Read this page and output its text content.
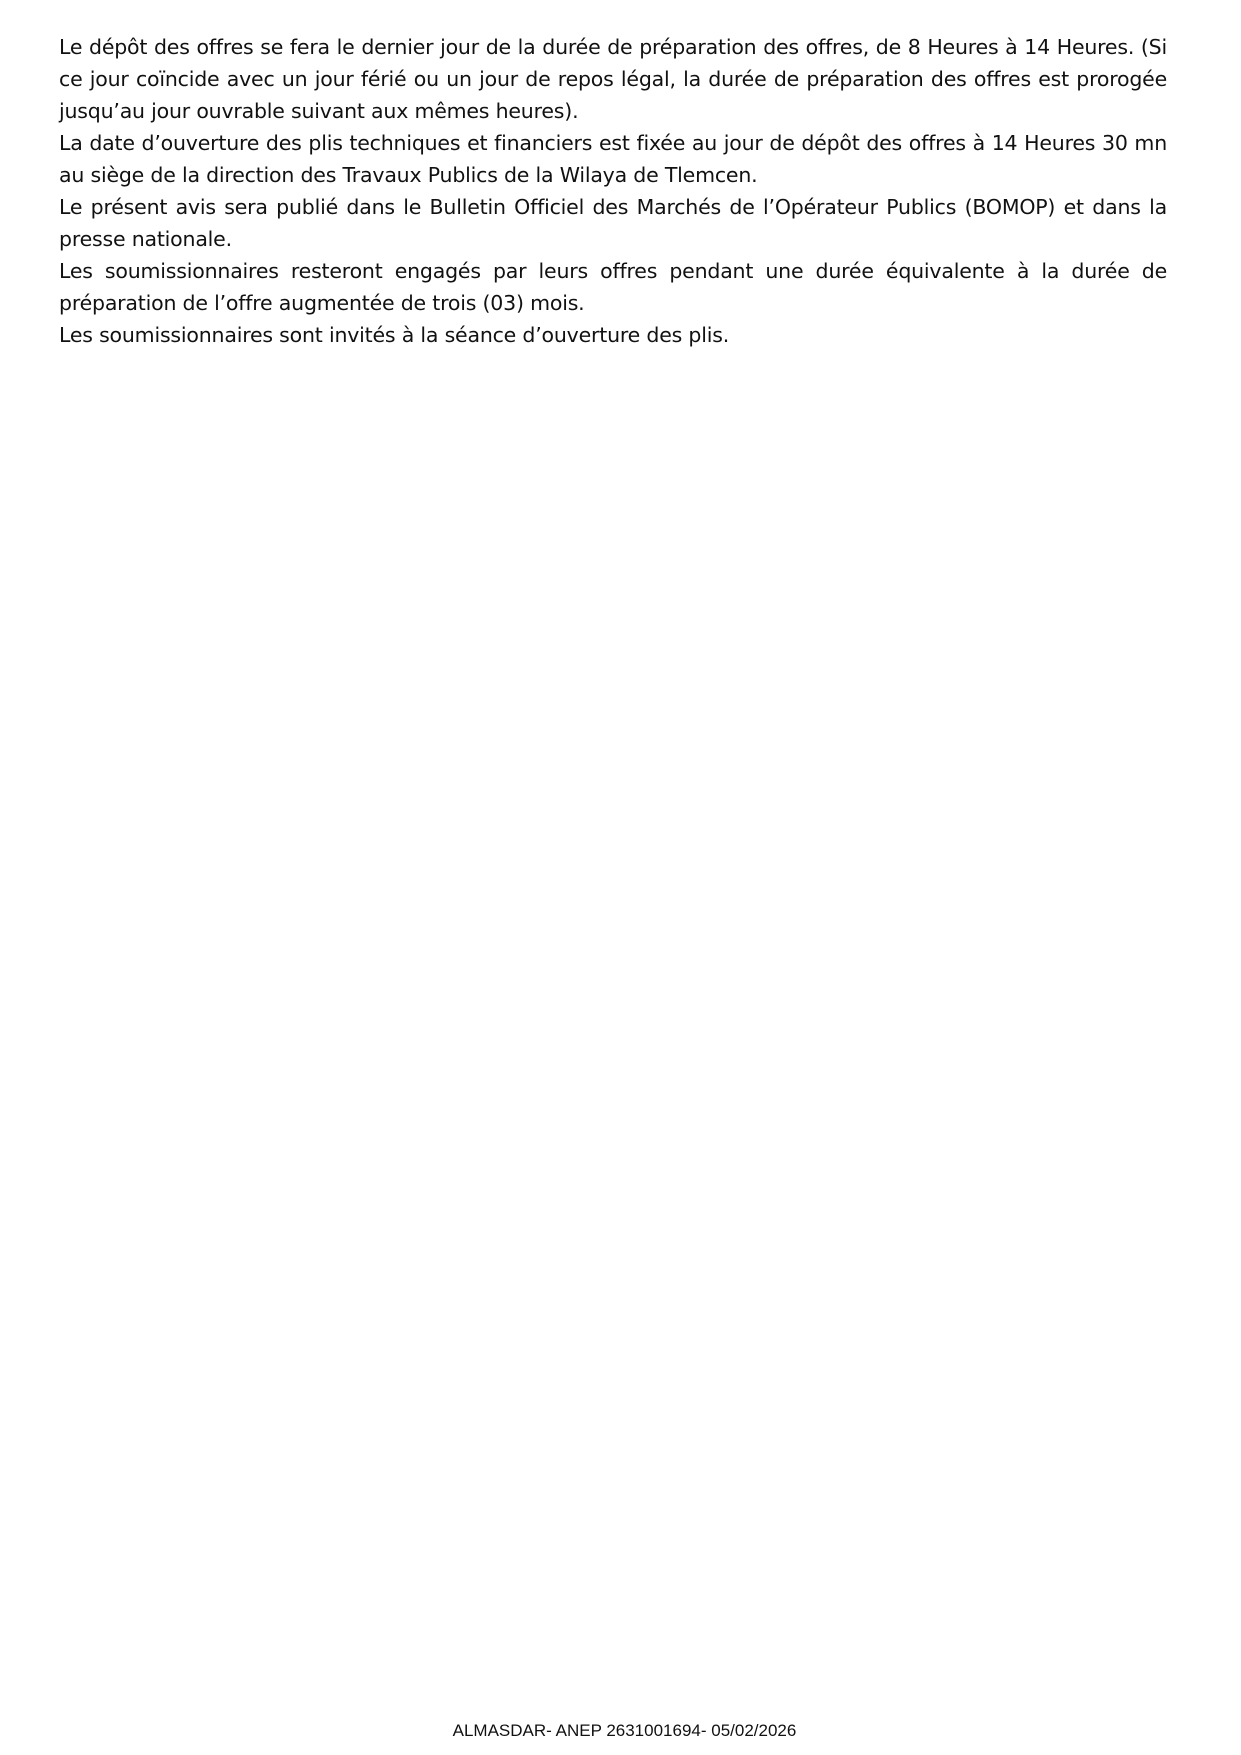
Le dépôt des offres se fera le dernier jour de la durée de préparation des offres, de 8 Heures à 14 Heures. (Si ce jour coïncide avec un jour férié ou un jour de repos légal, la durée de préparation des offres est prorogée jusqu’au jour ouvrable suivant aux mêmes heures).

La date d’ouverture des plis techniques et financiers est fixée au jour de dépôt des offres à 14 Heures 30 mn au siège de la direction des Travaux Publics de la Wilaya de Tlemcen.

Le présent avis sera publié dans le Bulletin Officiel des Marchés de l’Opérateur Publics (BOMOP) et dans la presse nationale.

Les soumissionnaires resteront engagés par leurs offres pendant une durée équivalente à la durée de préparation de l’offre augmentée de trois (03) mois.

Les soumissionnaires sont invités à la séance d’ouverture des plis.

ALMASDAR- ANEP 2631001694- 05/02/2026
